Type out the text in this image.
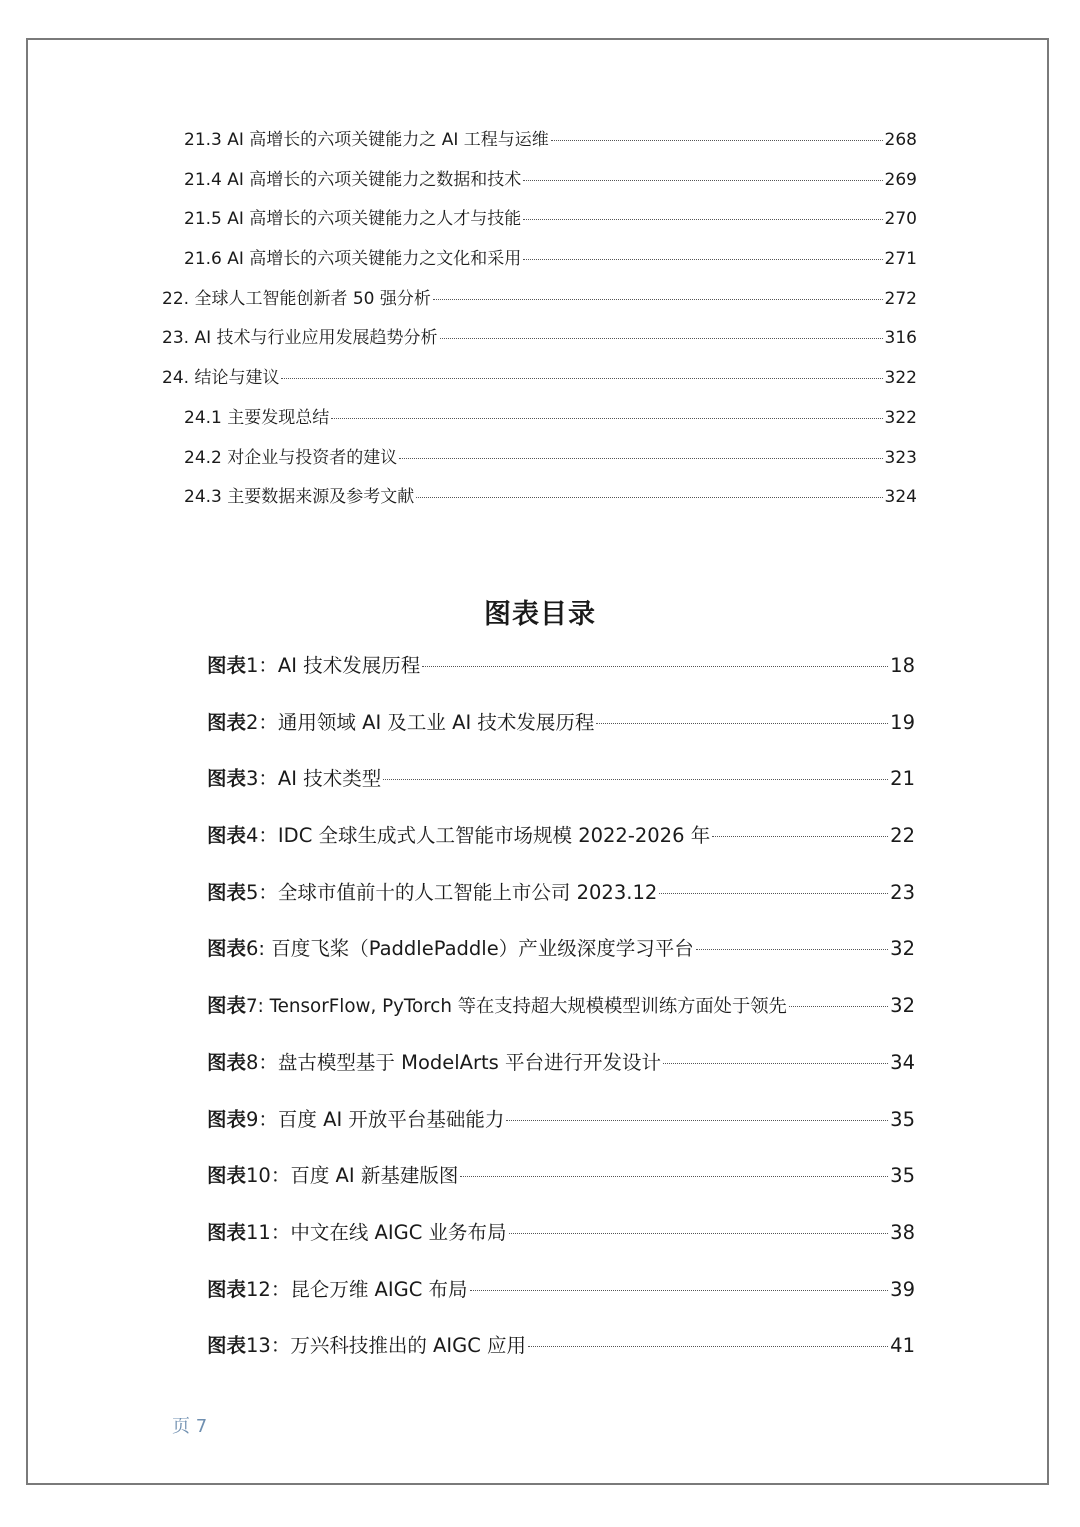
21.3 AI 高增长的六项关键能力之 AI 工程与运维	268
21.4 AI 高增长的六项关键能力之数据和技术	269
21.5 AI 高增长的六项关键能力之人才与技能	270
21.6 AI 高增长的六项关键能力之文化和采用	271
22. 全球人工智能创新者 50 强分析	272
23. AI 技术与行业应用发展趋势分析	316
24. 结论与建议	322
24.1 主要发现总结	322
24.2 对企业与投资者的建议	323
24.3 主要数据来源及参考文献	324
图表目录
图表 1：AI 技术发展历程	18
图表 2：通用领域 AI 及工业 AI 技术发展历程	19
图表 3：AI 技术类型	21
图表 4：IDC 全球生成式人工智能市场规模 2022-2026 年	22
图表 5：全球市值前十的人工智能上市公司 2023.12	23
图表 6: 百度飞桨（PaddlePaddle）产业级深度学习平台	32
图表 7: TensorFlow, PyTorch 等在支持超大规模模型训练方面处于领先	32
图表 8：盘古模型基于 ModelArts 平台进行开发设计	34
图表 9：百度 AI 开放平台基础能力	35
图表 10：百度 AI 新基建版图	35
图表 11：中文在线 AIGC 业务布局	38
图表 12：昆仑万维 AIGC 布局	39
图表 13：万兴科技推出的 AIGC 应用	41
页 7
